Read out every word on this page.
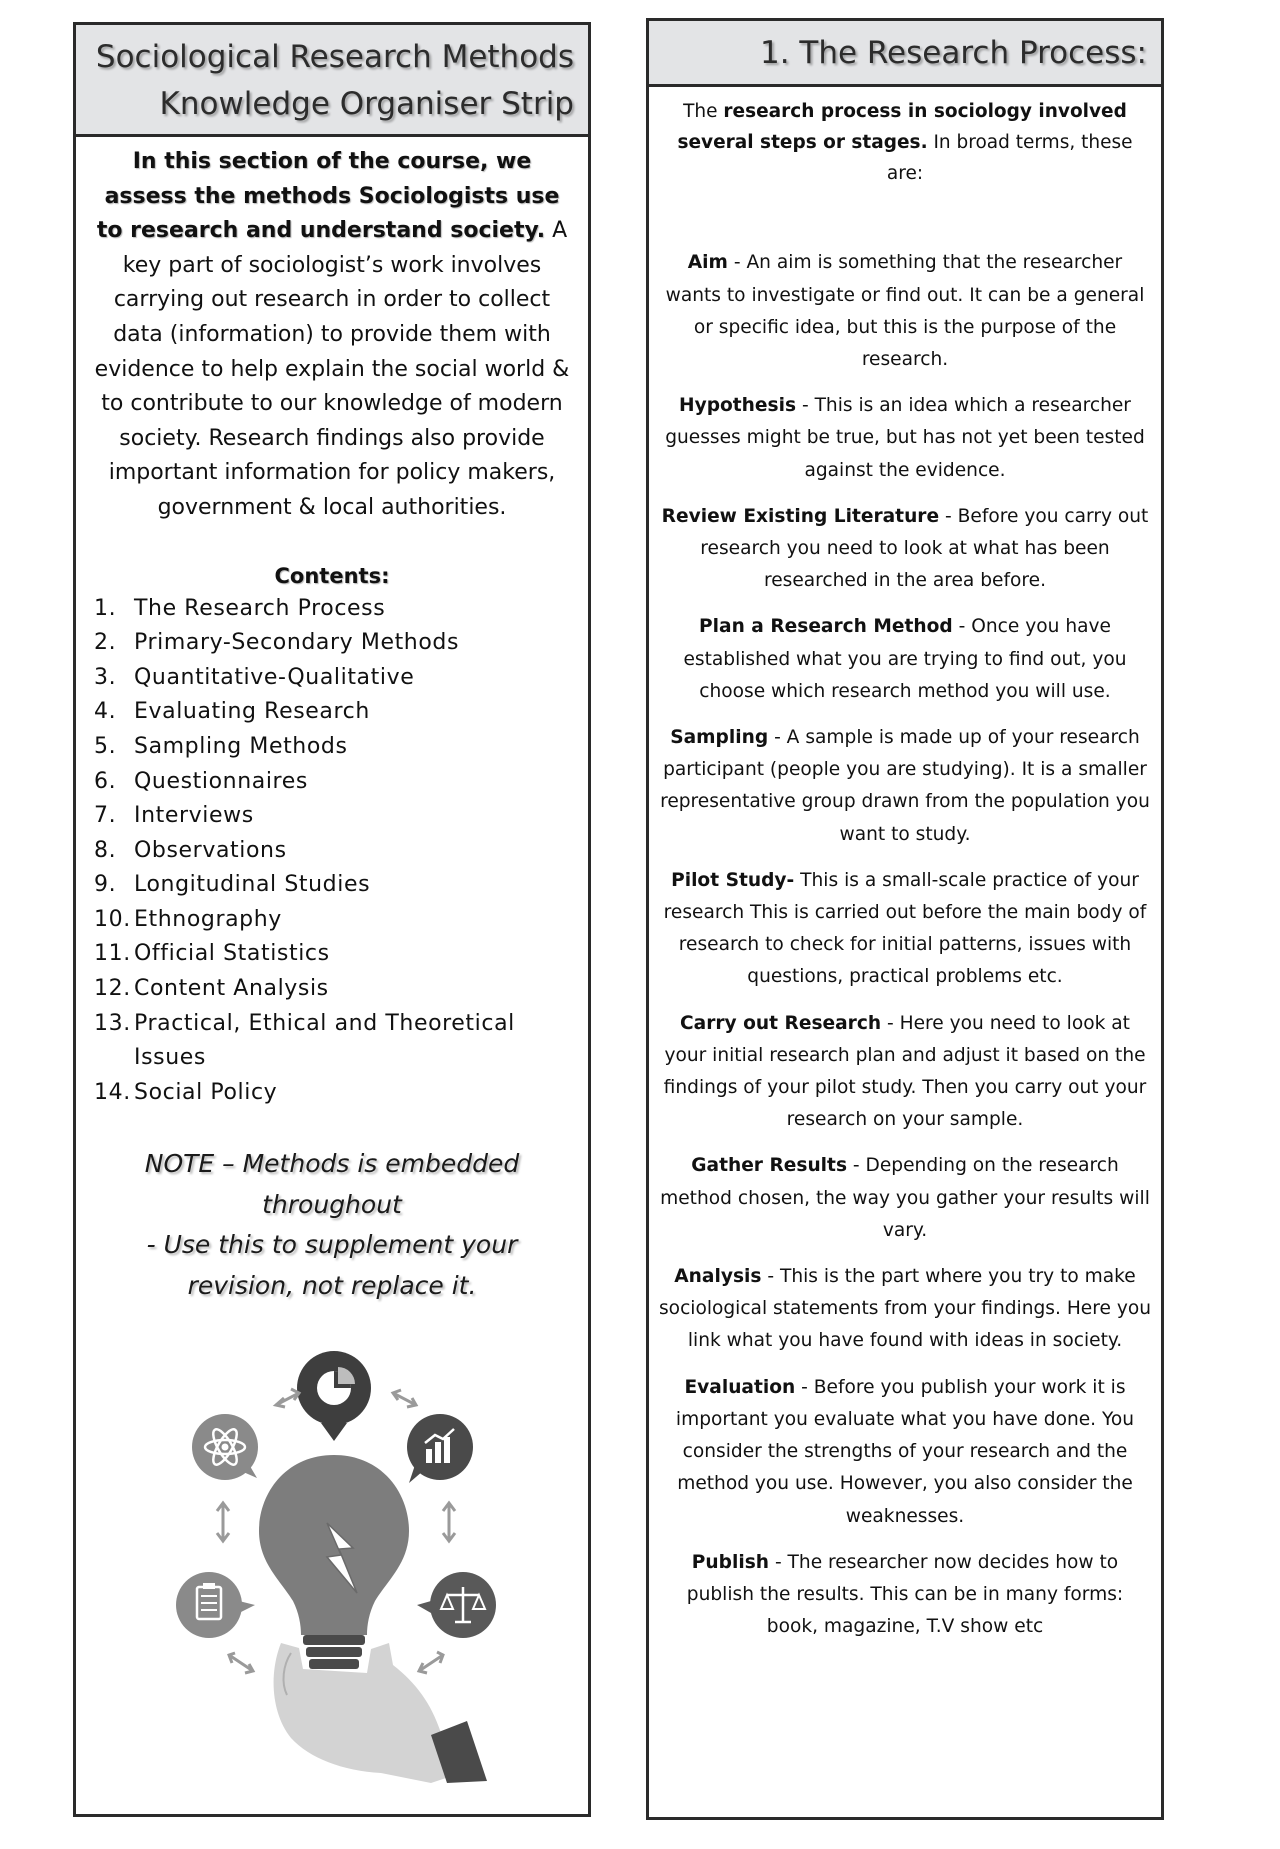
Sociological Research Methods
Knowledge Organiser Strip
In this section of the course, we assess the methods Sociologists use to research and understand society. A key part of sociologist’s work involves carrying out research in order to collect data (information) to provide them with evidence to help explain the social world & to contribute to our knowledge of modern society. Research findings also provide important information for policy makers, government & local authorities.
Contents:
1. The Research Process
2. Primary-Secondary Methods
3. Quantitative-Qualitative
4. Evaluating Research
5. Sampling Methods
6. Questionnaires
7. Interviews
8. Observations
9. Longitudinal Studies
10. Ethnography
11. Official Statistics
12. Content Analysis
13. Practical, Ethical and Theoretical Issues
14. Social Policy
NOTE – Methods is embedded
throughout
- Use this to supplement your
revision, not replace it.
1. The Research Process:
The research process in sociology involved several steps or stages. In broad terms, these are:
Aim - An aim is something that the researcher wants to investigate or find out. It can be a general or specific idea, but this is the purpose of the research.
Hypothesis - This is an idea which a researcher guesses might be true, but has not yet been tested against the evidence.
Review Existing Literature - Before you carry out research you need to look at what has been researched in the area before.
Plan a Research Method - Once you have established what you are trying to find out, you choose which research method you will use.
Sampling - A sample is made up of your research participant (people you are studying). It is a smaller representative group drawn from the population you want to study.
Pilot Study- This is a small-scale practice of your research This is carried out before the main body of research to check for initial patterns, issues with questions, practical problems etc.
Carry out Research - Here you need to look at your initial research plan and adjust it based on the findings of your pilot study. Then you carry out your research on your sample.
Gather Results - Depending on the research method chosen, the way you gather your results will vary.
Analysis - This is the part where you try to make sociological statements from your findings. Here you link what you have found with ideas in society.
Evaluation - Before you publish your work it is important you evaluate what you have done. You consider the strengths of your research and the method you use. However, you also consider the weaknesses.
Publish - The researcher now decides how to publish the results. This can be in many forms: book, magazine, T.V show etc
